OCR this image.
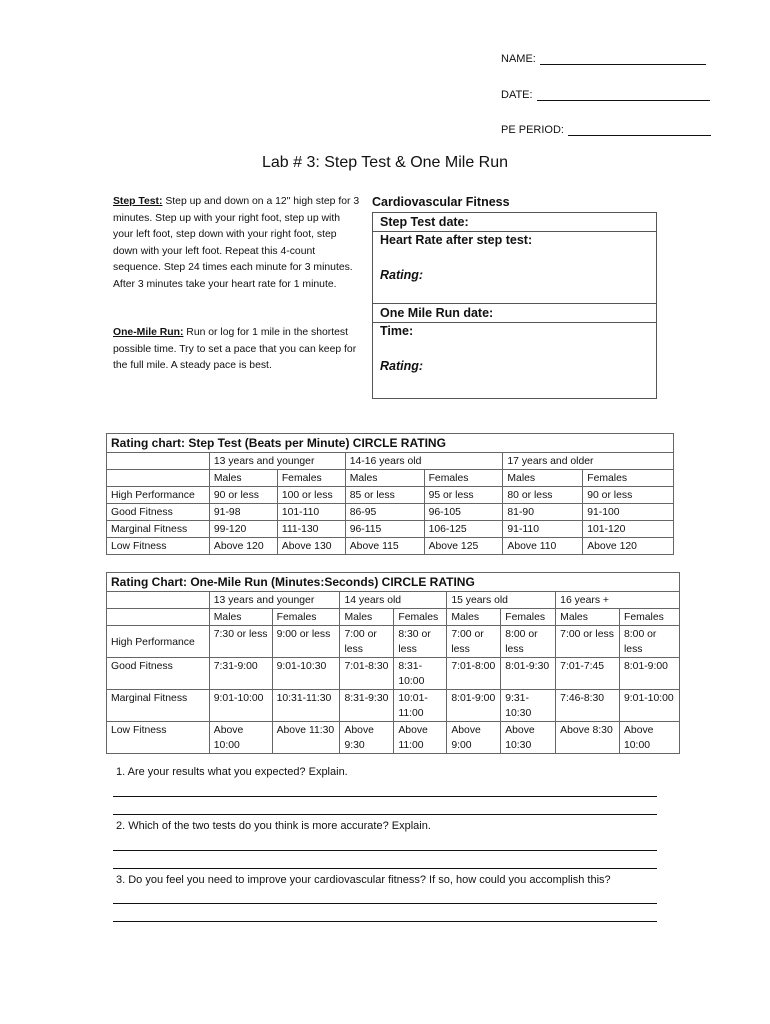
NAME:
DATE:
PE PERIOD:
Lab # 3: Step Test & One Mile Run
Step Test: Step up and down on a 12" high step for 3 minutes. Step up with your right foot, step up with your left foot, step down with your right foot, step down with your left foot. Repeat this 4-count sequence. Step 24 times each minute for 3 minutes. After 3 minutes take your heart rate for 1 minute.
One-Mile Run: Run or log for 1 mile in the shortest possible time. Try to set a pace that you can keep for the full mile. A steady pace is best.
Cardiovascular Fitness
Step Test date:
Heart Rate after step test:
Rating:
One Mile Run date:
Time:
Rating:
Rating chart: Step Test (Beats per Minute) CIRCLE RATING						
	13 years and younger		14-16 years old		17 years and older	
	Males	Females	Males	Females	Males	Females
High Performance	90 or less	100 or less	85 or less	95 or less	80 or less	90 or less
Good Fitness	91-98	101-110	86-95	96-105	81-90	91-100
Marginal Fitness	99-120	111-130	96-115	106-125	91-110	101-120
Low Fitness	Above 120	Above 130	Above 115	Above 125	Above 110	Above 120
Rating Chart: One-Mile Run (Minutes:Seconds) CIRCLE RATING								
	13 years and younger		14 years old		15 years old		16 years +	
	Males	Females	Males	Females	Males	Females	Males	Females
High Performance	7:30 or less	9:00 or less	7:00 or less	8:30 or less	7:00 or less	8:00 or less	7:00 or less	8:00 or less
Good Fitness	7:31-9:00	9:01-10:30	7:01-8:30	8:31-10:00	7:01-8:00	8:01-9:30	7:01-7:45	8:01-9:00
Marginal Fitness	9:01-10:00	10:31-11:30	8:31-9:30	10:01-11:00	8:01-9:00	9:31-10:30	7:46-8:30	9:01-10:00
Low Fitness	Above 10:00	Above 11:30	Above 9:30	Above 11:00	Above 9:00	Above 10:30	Above 8:30	Above 10:00
1. Are your results what you expected? Explain.
2. Which of the two tests do you think is more accurate? Explain.
3. Do you feel you need to improve your cardiovascular fitness? If so, how could you accomplish this?
